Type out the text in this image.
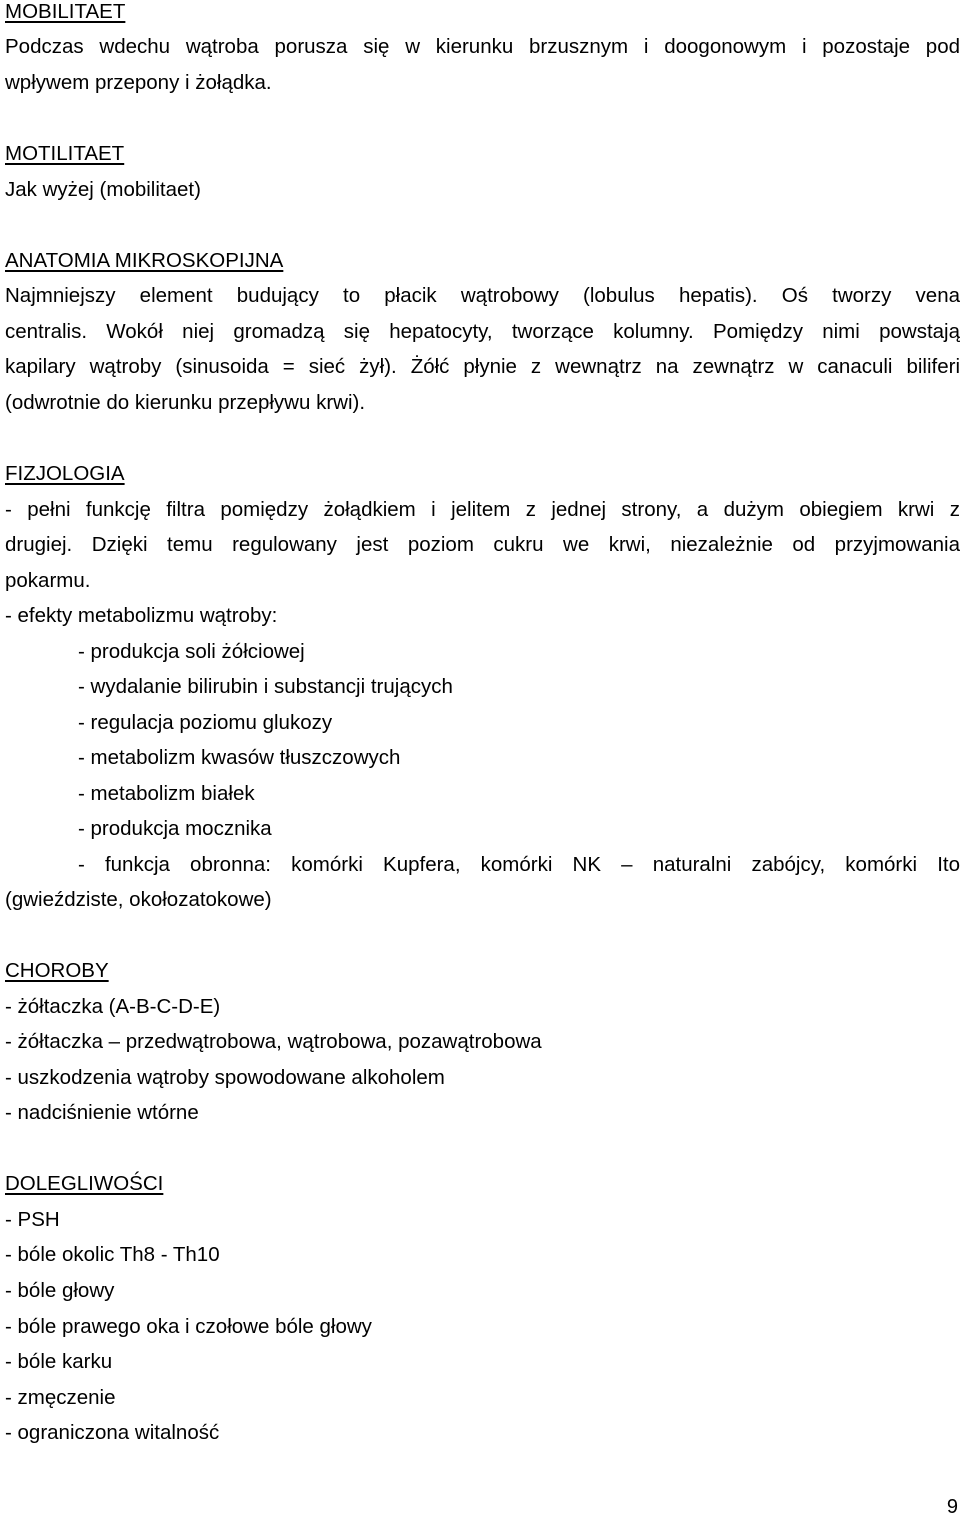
MOBILITAET
Podczas wdechu wątroba porusza się w kierunku brzusznym i doogonowym i pozostaje pod
wpływem przepony i żołądka.
MOTILITAET
Jak wyżej (mobilitaet)
ANATOMIA MIKROSKOPIJNA
Najmniejszy element budujący to płacik wątrobowy (lobulus hepatis). Oś tworzy vena
centralis. Wokół niej gromadzą się hepatocyty, tworzące kolumny. Pomiędzy nimi powstają
kapilary wątroby (sinusoida = sieć żył). Żółć płynie z wewnątrz na zewnątrz w canaculi biliferi
(odwrotnie do kierunku przepływu krwi).
FIZJOLOGIA
- pełni funkcję filtra pomiędzy żołądkiem i jelitem z jednej strony, a dużym obiegiem krwi z
drugiej. Dzięki temu regulowany jest poziom cukru we krwi, niezależnie od przyjmowania
pokarmu.
- efekty metabolizmu wątroby:
- produkcja soli żółciowej
- wydalanie bilirubin i substancji trujących
- regulacja poziomu glukozy
- metabolizm kwasów tłuszczowych
- metabolizm białek
- produkcja mocznika
- funkcja obronna: komórki Kupfera, komórki NK – naturalni zabójcy, komórki Ito
(gwieździste, okołozatokowe)
CHOROBY
- żółtaczka (A-B-C-D-E)
- żółtaczka – przedwątrobowa, wątrobowa, pozawątrobowa
- uszkodzenia wątroby spowodowane alkoholem
- nadciśnienie wtórne
DOLEGLIWOŚCI
- PSH
- bóle okolic Th8 - Th10
- bóle głowy
- bóle prawego oka i czołowe bóle głowy
- bóle karku
- zmęczenie
- ograniczona witalność
9
